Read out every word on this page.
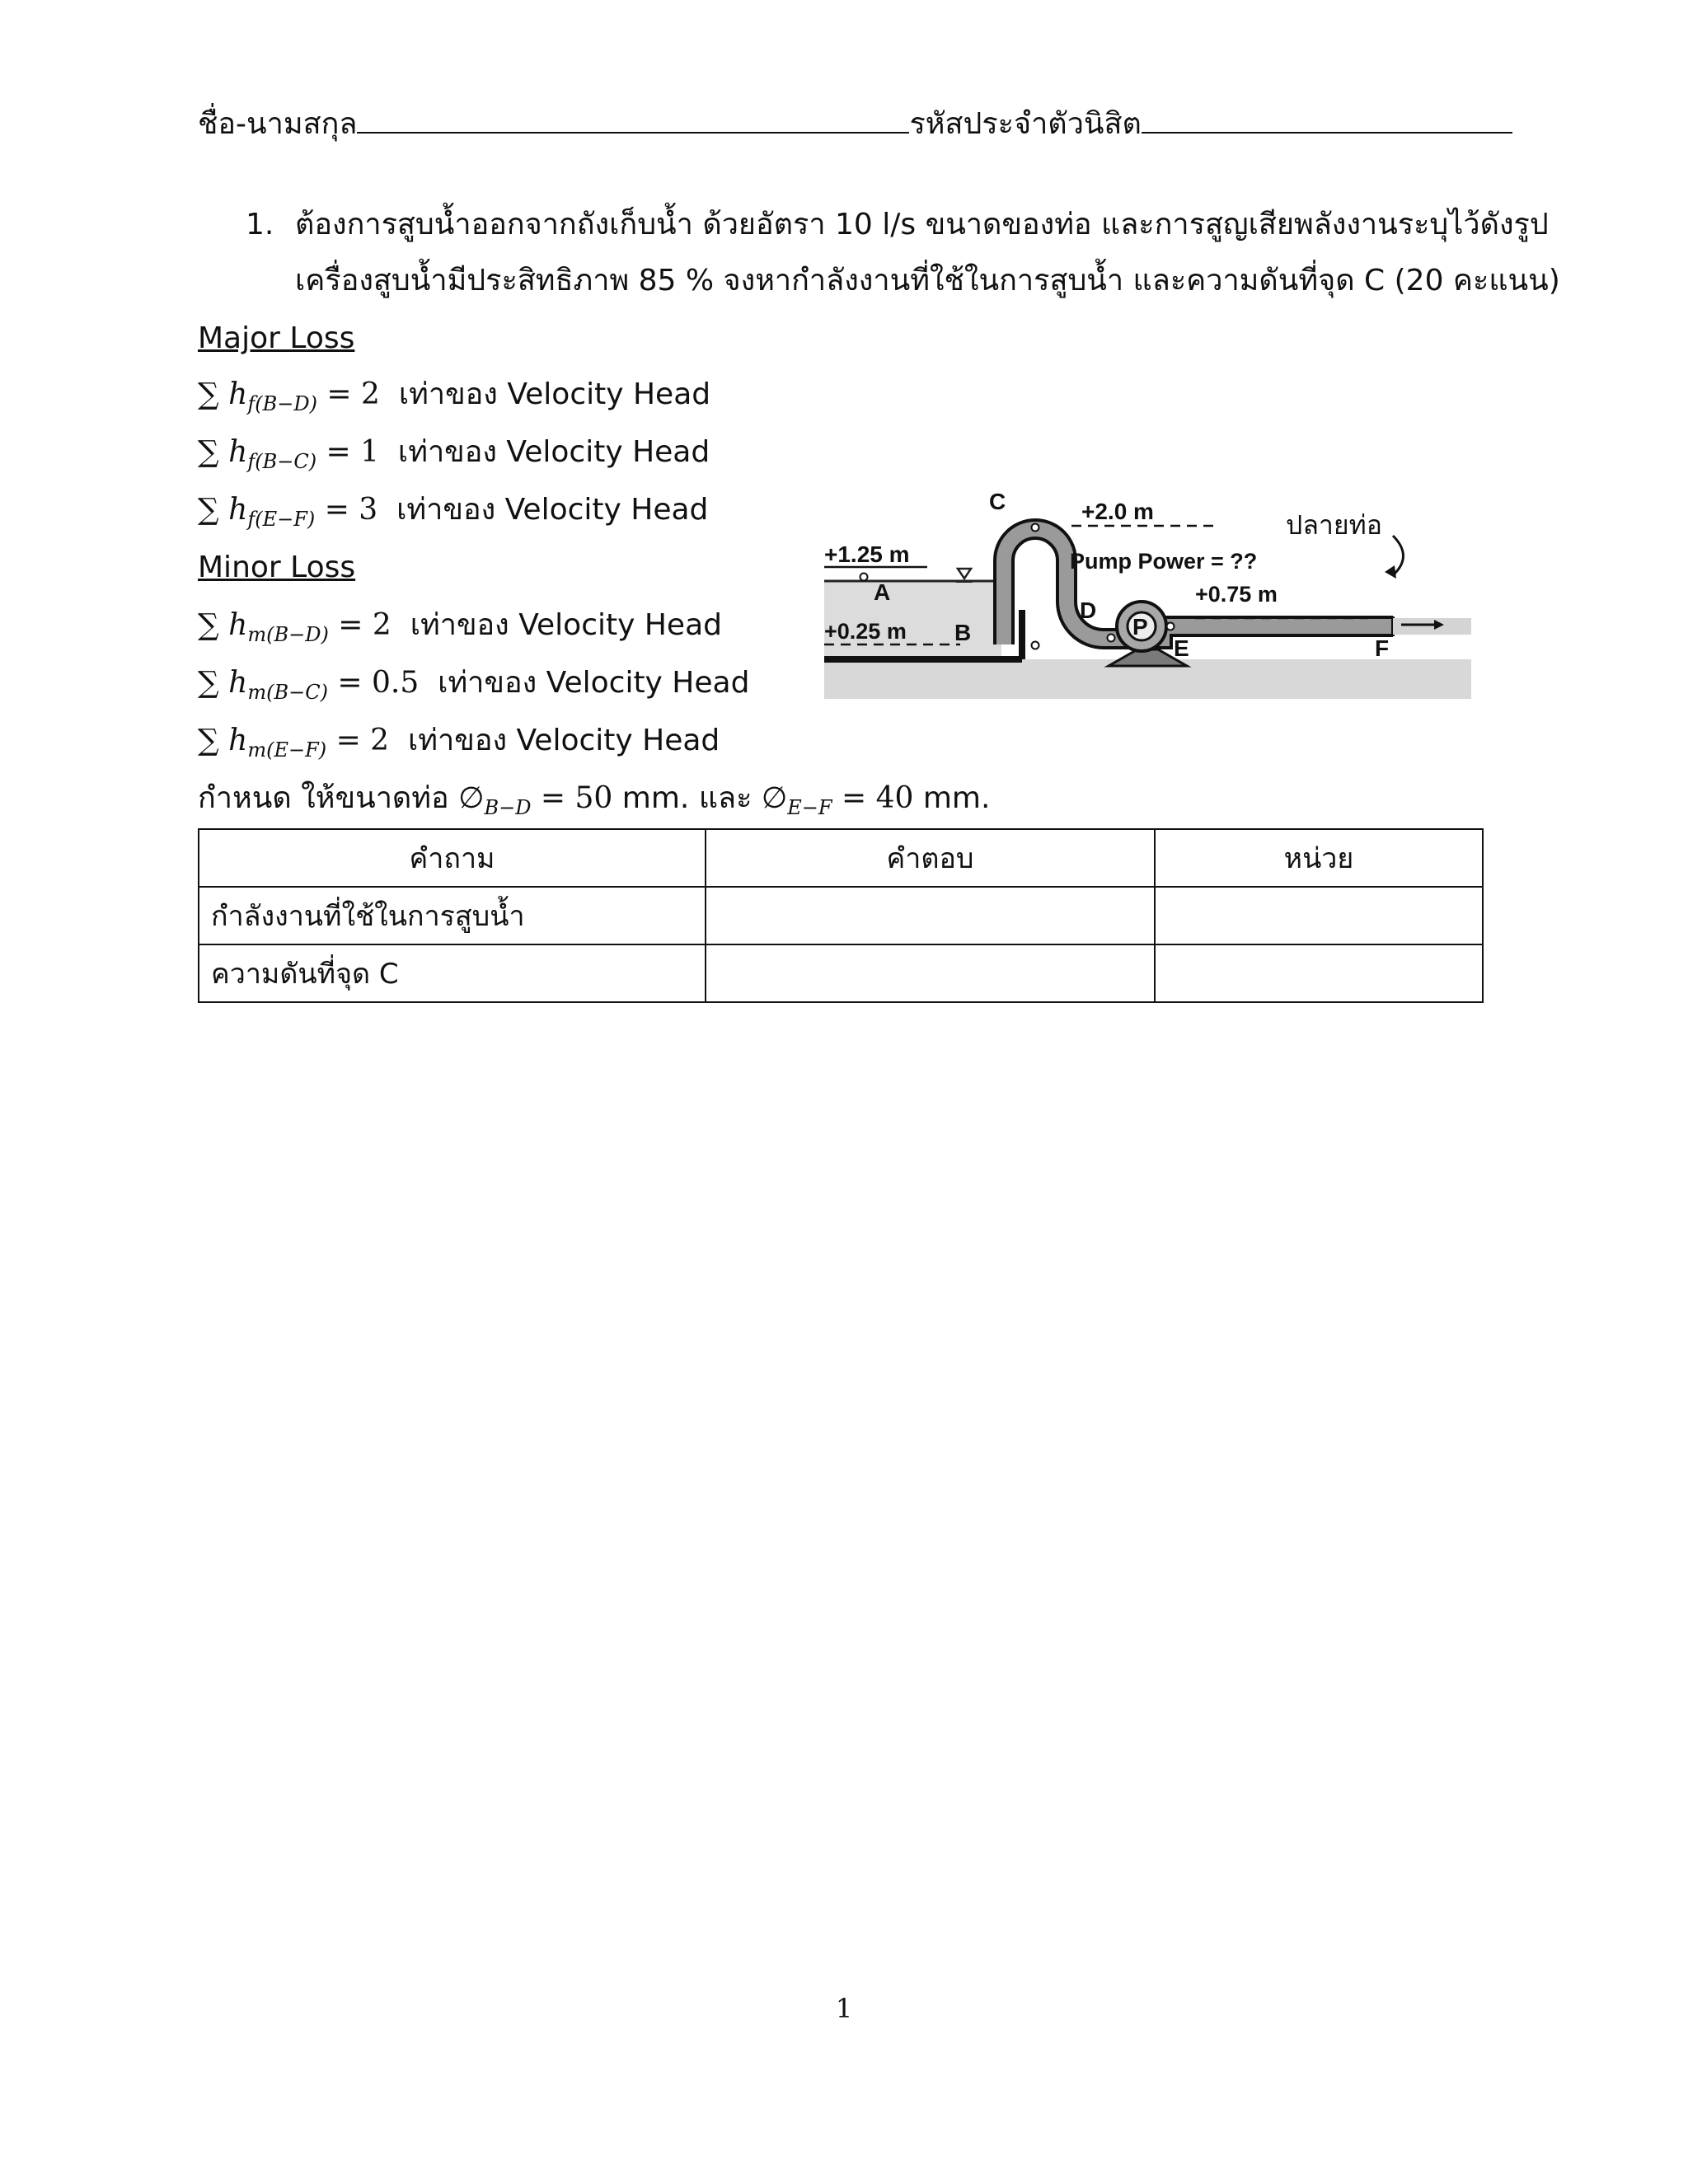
ชื่อ-นามสกุล	รหัสประจำตัวนิสิต
1. ต้องการสูบน้ำออกจากถังเก็บน้ำ ด้วยอัตรา 10 l/s ขนาดของท่อ และการสูญเสียพลังงานระบุไว้ดังรูป
เครื่องสูบน้ำมีประสิทธิภาพ 85 % จงหากำลังงานที่ใช้ในการสูบน้ำ และความดันที่จุด C (20 คะแนน)
Major Loss
∑ $h_{f(B-D)} = 2$ เท่าของ Velocity Head
∑ $h_{f(B-C)} = 1$ เท่าของ Velocity Head
∑ $h_{f(E-F)} = 3$ เท่าของ Velocity Head
Minor Loss
∑ $h_{m(B-D)} = 2$ เท่าของ Velocity Head
∑ $h_{m(B-C)} = 0.5$ เท่าของ Velocity Head
∑ $h_{m(E-F)} = 2$ เท่าของ Velocity Head
กำหนด ให้ขนาดท่อ $\emptyset_{B-D} = 50$ mm. และ $\emptyset_{E-F} = 40$ mm.
C	+2.0 m
+1.25 m
A
Pump Power = ??
+0.75 m
D
P
+0.25 m B
E	F
ปลายท่อ
คำถาม	คำตอบ	หน่วย
กำลังงานที่ใช้ในการสูบน้ำ		
ความดันที่จุด C		
1
